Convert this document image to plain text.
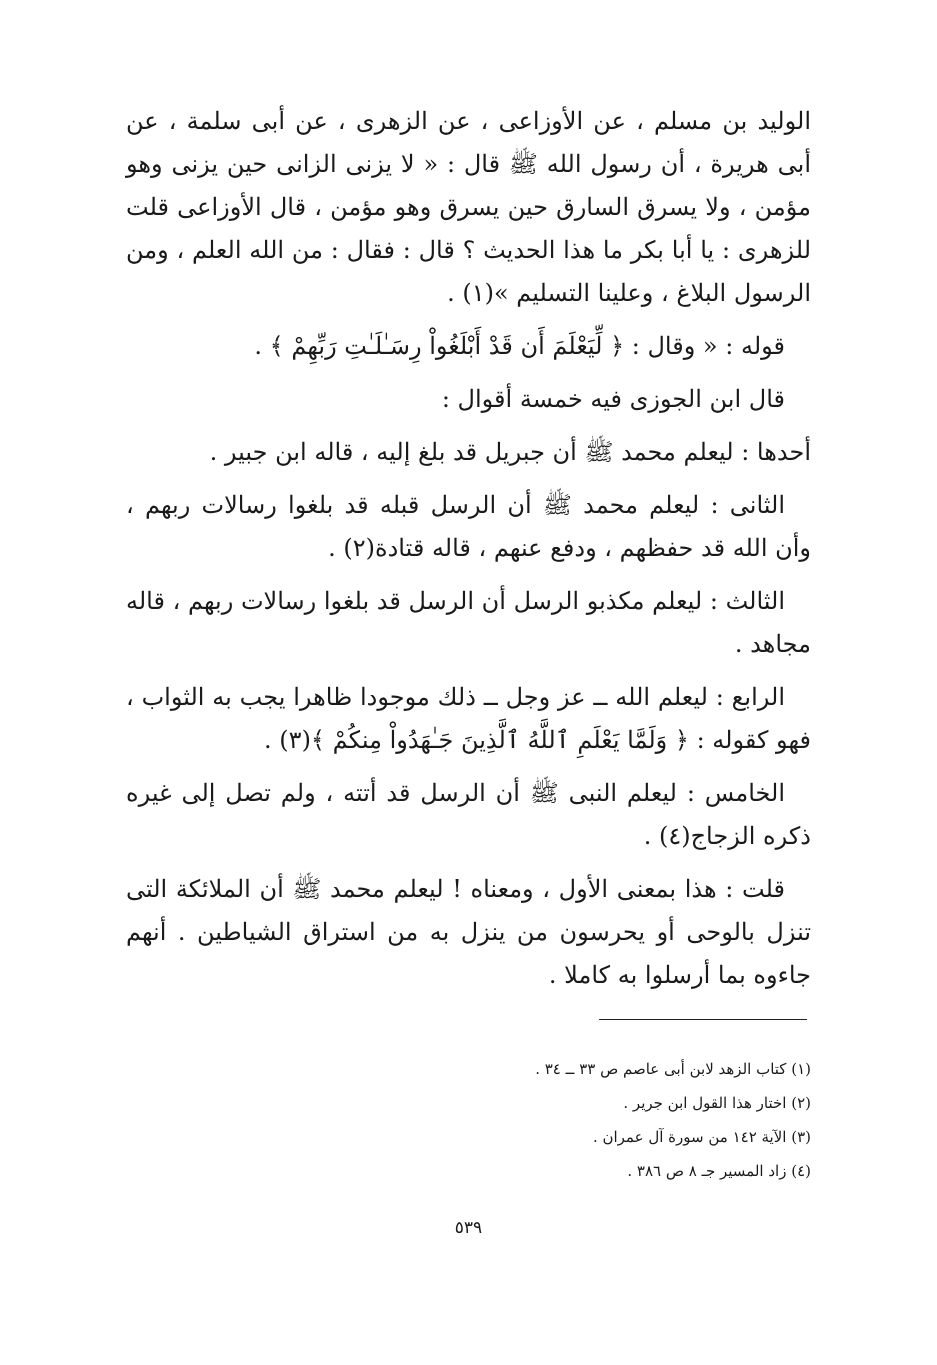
الوليد بن مسلم ، عن الأوزاعى ، عن الزهرى ، عن أبى سلمة ، عن أبى هريرة ، أن رسول الله ﷺ قال : « لا يزنى الزانى حين يزنى وهو مؤمن ، ولا يسرق السارق حين يسرق وهو مؤمن ، قال الأوزاعى قلت للزهرى : يا أبا بكر ما هذا الحديث ؟ قال : فقال : من الله العلم ، ومن الرسول البلاغ ، وعلينا التسليم »(١) .

قوله : « وقال : ﴿ لِّيَعْلَمَ أَن قَدْ أَبْلَغُواْ رِسَـٰلَـٰتِ رَبِّهِمْ ﴾ .

قال ابن الجوزى فيه خمسة أقوال :

أحدها : ليعلم محمد ﷺ أن جبريل قد بلغ إليه ، قاله ابن جبير .

الثانى : ليعلم محمد ﷺ أن الرسل قبله قد بلغوا رسالات ربهم ، وأن الله قد حفظهم ، ودفع عنهم ، قاله قتادة(٢) .

الثالث : ليعلم مكذبو الرسل أن الرسل قد بلغوا رسالات ربهم ، قاله مجاهد .

الرابع : ليعلم الله ــ عز وجل ــ ذلك موجودا ظاهرا يجب به الثواب ، فهو كقوله : ﴿ وَلَمَّا يَعْلَمِ ٱللَّهُ ٱلَّذِينَ جَـٰهَدُواْ مِنكُمْ ﴾(٣) .

الخامس : ليعلم النبى ﷺ أن الرسل قد أتته ، ولم تصل إلى غيره ذكره الزجاج(٤) .

قلت : هذا بمعنى الأول ، ومعناه ! ليعلم محمد ﷺ أن الملائكة التى تنزل بالوحى أو يحرسون من ينزل به من استراق الشياطين . أنهم جاءوه بما أرسلوا به كاملا .

(١) كتاب الزهد لابن أبى عاصم ص ٣٣ ــ ٣٤ .

(٢) اختار هذا القول ابن جرير .

(٣) الآية ١٤٢ من سورة آل عمران .

(٤) زاد المسير جـ ٨ ص ٣٨٦ .

٥٣٩
